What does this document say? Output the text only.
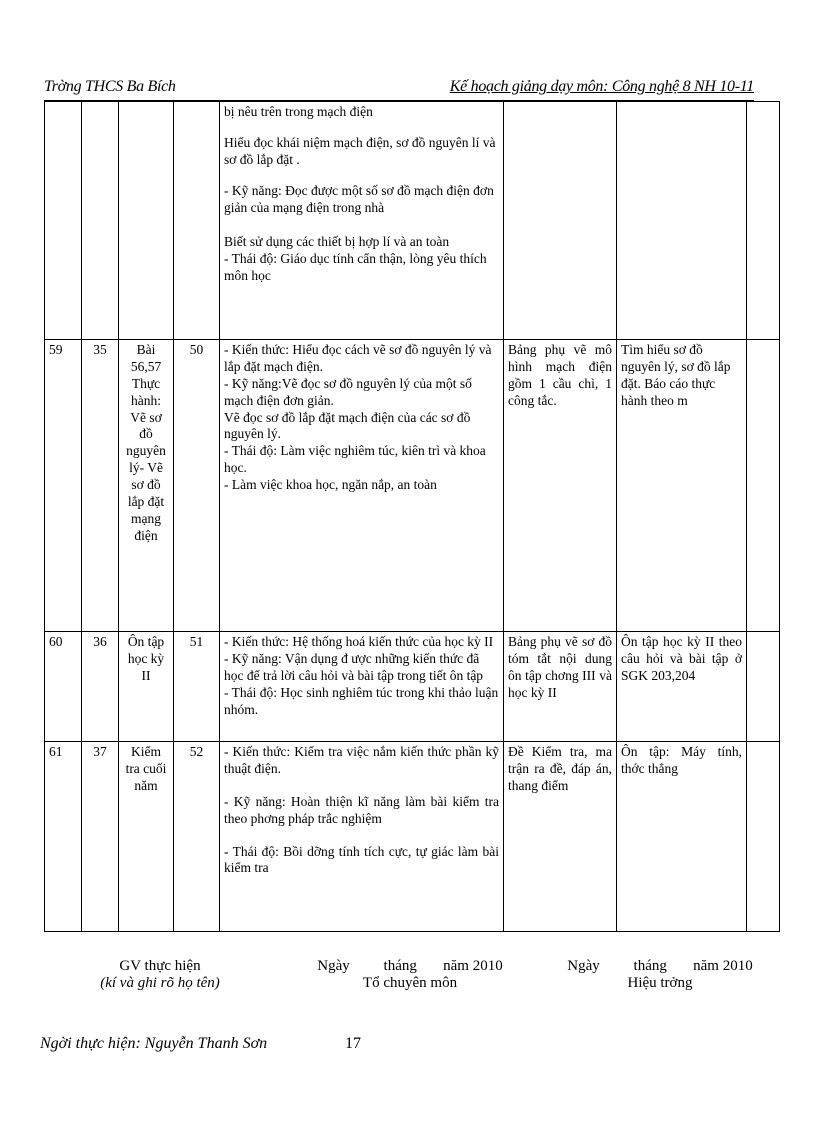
Trờng THCS Ba Bích	Kế hoạch giảng dạy môn: Công nghệ 8 NH 10-11

				bị nêu trên trong mạch điện

Hiểu đọc khái niệm mạch điện, sơ đồ nguyên lí và sơ đồ lắp đặt .

- Kỹ năng: Đọc được một số sơ đồ mạch điện đơn giản của mạng điện trong nhà

Biết sử dụng các thiết bị hợp lí và an toàn

- Thái độ: Giáo dục tính cẩn thận, lòng yêu thích môn học			

59	35	Bài 56,57 Thực hành: Vẽ sơ đồ nguyên lý- Vẽ sơ đồ lắp đặt mạng điện	50	- Kiến thức: Hiểu đọc cách vẽ sơ đồ nguyên lý và lắp đặt mạch điện.

- Kỹ năng:Vẽ đọc sơ đồ nguyên lý của một số mạch điện đơn giản.

Vẽ đọc sơ đồ lắp đặt mạch điện của các sơ đồ nguyên lý.

- Thái độ: Làm việc nghiêm túc, kiên trì và khoa học.

- Làm việc khoa học, ngăn nắp, an toàn	Bảng phụ vẽ mô hình mạch điện gồm 1 cầu chì, 1 công tắc.	Tìm hiểu sơ đồ nguyên lý, sơ đồ lắp đặt. Báo cáo thực hành theo m	
60	36	Ôn tập học kỳ II	51	- Kiến thức: Hệ thống hoá kiến thức của học kỳ II

- Kỹ năng: Vận dụng đ ược những kiến thức đã học để trả lời câu hỏi và bài tập trong tiết ôn tập

- Thái độ: Học sinh nghiêm túc trong khi thảo luận nhóm.	Bảng phụ vẽ sơ đồ tóm tắt nội dung ôn tập chơng III và học kỳ II	Ôn tập học kỳ II theo câu hỏi và bài tập ở SGK 203,204	
61	37	Kiểm tra cuối năm	52	- Kiến thức: Kiểm tra việc nắm kiến thức phần kỹ thuật điện.

- Kỹ năng: Hoàn thiện kĩ năng làm bài kiểm tra theo phơng pháp trắc nghiệm

- Thái độ: Bồi dỡng tính tích cực, tự giác làm bài kiểm tra	Đề Kiểm tra, ma trận ra đề, đáp án, thang điểm	Ôn tập: Máy tính, thớc thẳng	
GV thực hiện
(kí và ghi rõ họ tên)
Ngày         tháng       năm 2010
Tổ chuyên môn
Ngày         tháng       năm 2010
Hiệu trởng
Ngời thực hiện: Nguyễn Thanh Sơn	17
